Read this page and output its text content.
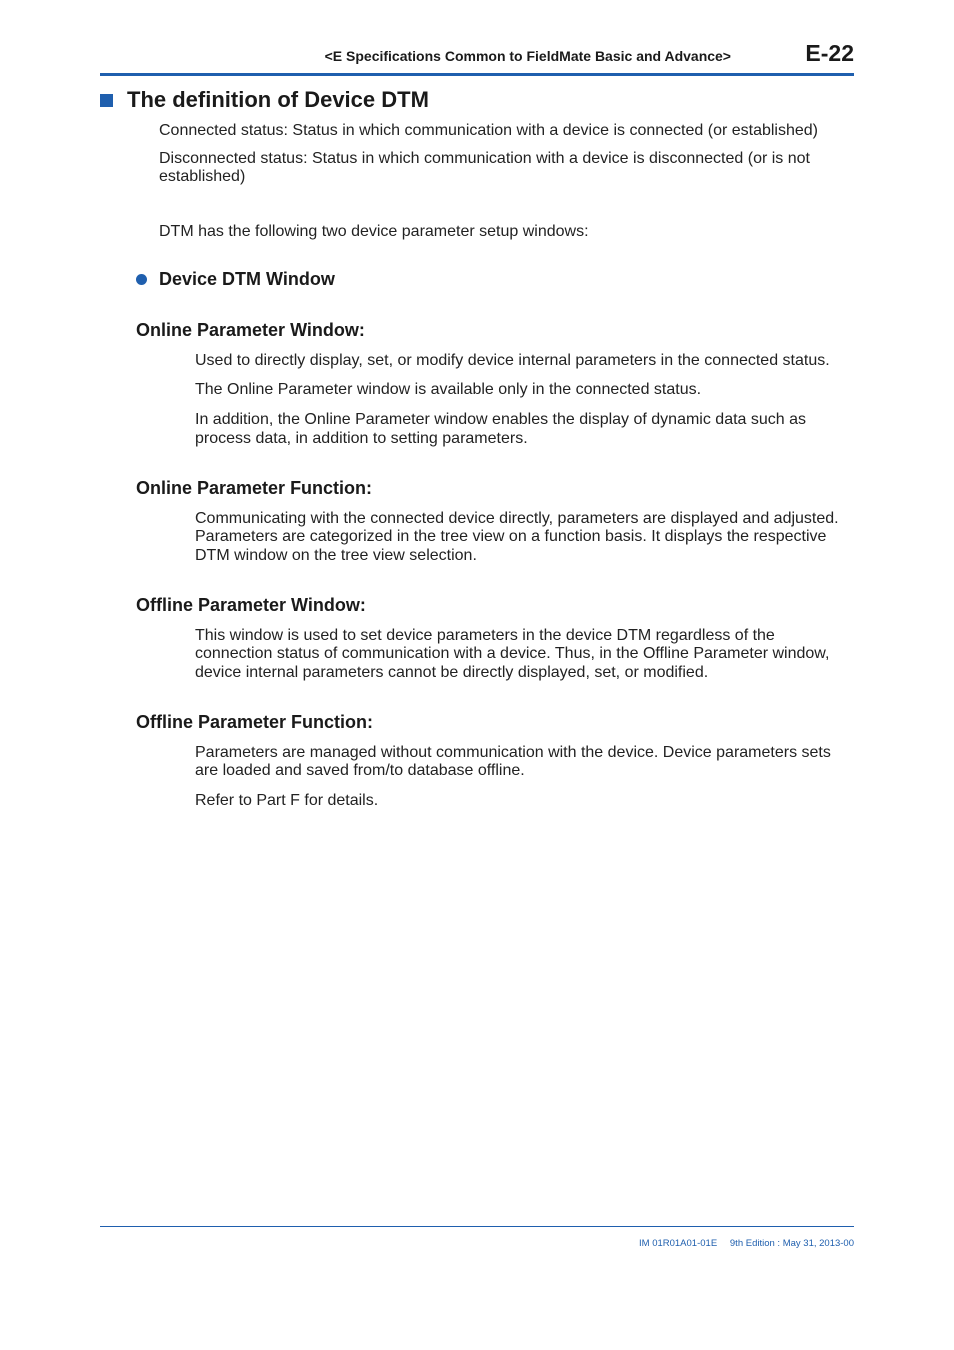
<E Specifications Common to FieldMate Basic and Advance>	E-22
The definition of Device DTM

Connected status: Status in which communication with a device is connected (or established)

Disconnected status: Status in which communication with a device is disconnected (or is not

established)

DTM has the following two device parameter setup windows:

Device DTM Window
Online Parameter Window:

Used to directly display, set, or modify device internal parameters in the connected status.

The Online Parameter window is available only in the connected status.

In addition, the Online Parameter window enables the display of dynamic data such as

process data, in addition to setting parameters.

Online Parameter Function:

Communicating with the connected device directly, parameters are displayed and adjusted.

Parameters are categorized in the tree view on a function basis. It displays the respective

DTM window on the tree view selection.

Offline Parameter Window:

This window is used to set device parameters in the device DTM regardless of the

connection status of communication with a device. Thus, in the Offline Parameter window,

device internal parameters cannot be directly displayed, set, or modified.

Offline Parameter Function:

Parameters are managed without communication with the device. Device parameters sets

are loaded and saved from/to database offline.

Refer to Part F for details.

IM 01R01A01-01E 9th Edition : May 31, 2013-00
